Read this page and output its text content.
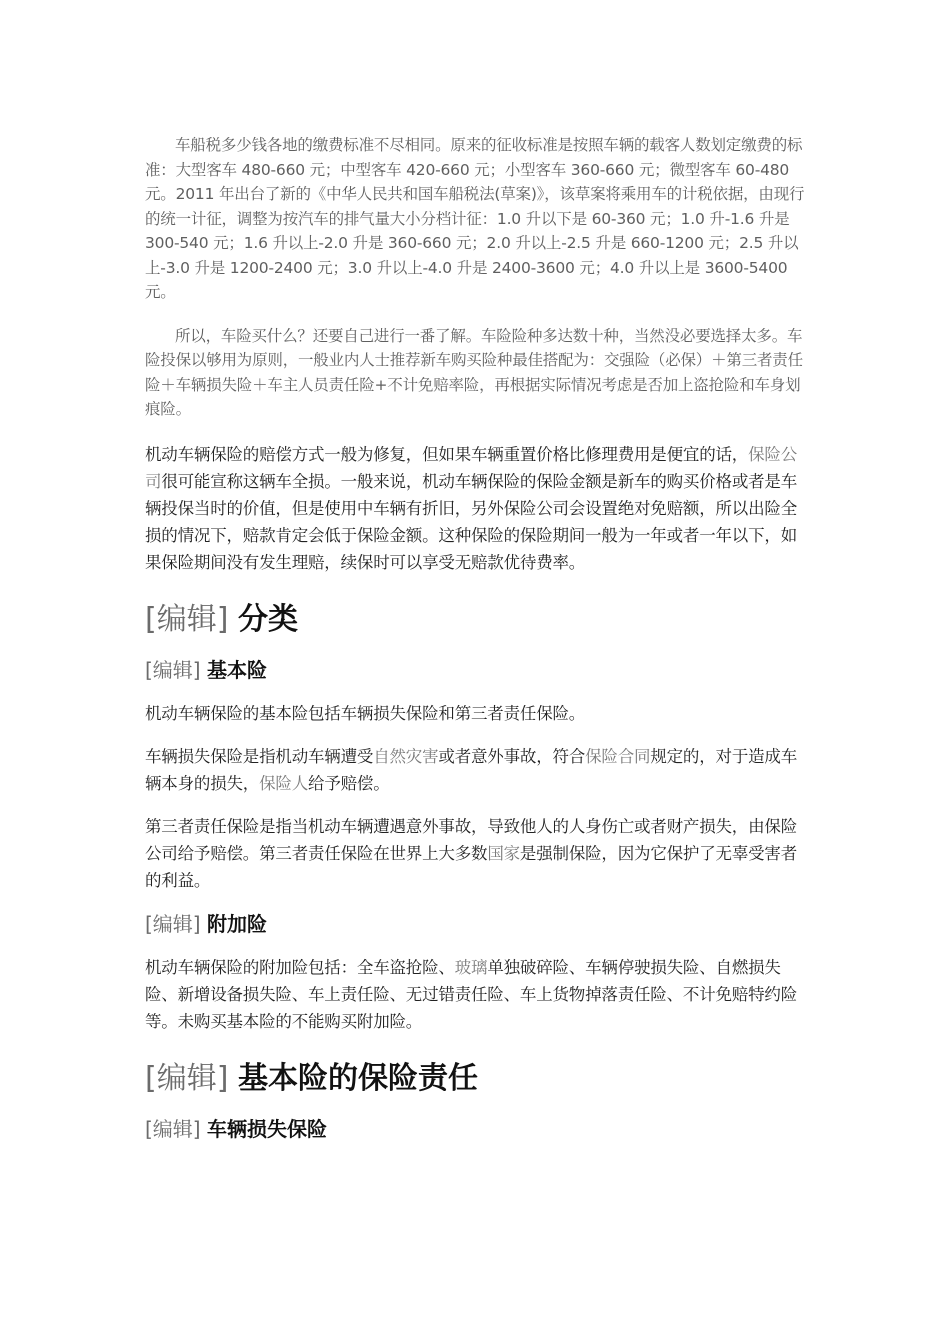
车船税多少钱各地的缴费标准不尽相同。原来的征收标准是按照车辆的载客人数划定缴费的标准：大型客车 480-660 元；中型客车 420-660 元；小型客车 360-660 元；微型客车 60-480 元。2011 年出台了新的《中华人民共和国车船税法(草案)》，该草案将乘用车的计税依据，由现行的统一计征，调整为按汽车的排气量大小分档计征：1.0 升以下是 60-360 元；1.0 升-1.6 升是 300-540 元；1.6 升以上-2.0 升是 360-660 元；2.0 升以上-2.5 升是 660-1200 元；2.5 升以上-3.0 升是 1200-2400 元；3.0 升以上-4.0 升是 2400-3600 元；4.0 升以上是 3600-5400 元。

所以，车险买什么？还要自己进行一番了解。车险险种多达数十种，当然没必要选择太多。车险投保以够用为原则，一般业内人士推荐新车购买险种最佳搭配为：交强险（必保）＋第三者责任险＋车辆损失险＋车主人员责任险+不计免赔率险，再根据实际情况考虑是否加上盗抢险和车身划痕险。

机动车辆保险的赔偿方式一般为修复，但如果车辆重置价格比修理费用是便宜的话，保险公司很可能宣称这辆车全损。一般来说，机动车辆保险的保险金额是新车的购买价格或者是车辆投保当时的价值，但是使用中车辆有折旧，另外保险公司会设置绝对免赔额，所以出险全损的情况下，赔款肯定会低于保险金额。这种保险的保险期间一般为一年或者一年以下，如果保险期间没有发生理赔，续保时可以享受无赔款优待费率。

[编辑] 分类
[编辑] 基本险

机动车辆保险的基本险包括车辆损失保险和第三者责任保险。

车辆损失保险是指机动车辆遭受自然灾害或者意外事故，符合保险合同规定的，对于造成车辆本身的损失，保险人给予赔偿。

第三者责任保险是指当机动车辆遭遇意外事故，导致他人的人身伤亡或者财产损失，由保险公司给予赔偿。第三者责任保险在世界上大多数国家是强制保险，因为它保护了无辜受害者的利益。

[编辑] 附加险

机动车辆保险的附加险包括：全车盗抢险、玻璃单独破碎险、车辆停驶损失险、自燃损失险、新增设备损失险、车上责任险、无过错责任险、车上货物掉落责任险、不计免赔特约险等。未购买基本险的不能购买附加险。

[编辑] 基本险的保险责任
[编辑] 车辆损失保险
